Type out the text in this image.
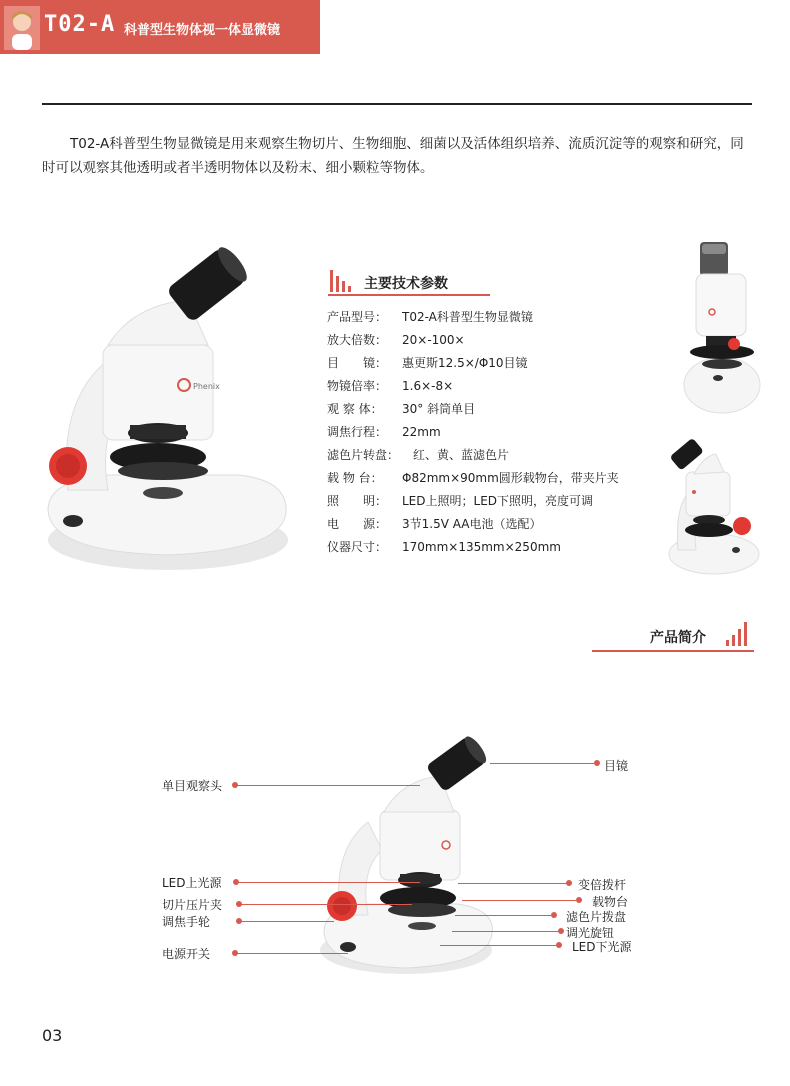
T02-A 科普型生物体视一体显微镜
T02-A科普型生物显微镜是用来观察生物切片、生物细胞、细菌以及活体组织培养、流质沉淀等的观察和研究，同时可以观察其他透明或者半透明物体以及粉末、细小颗粒等物体。
Phenix
主要技术参数
产品型号：	T02-A科普型生物显微镜
放大倍数：	20×-100×
目　　镜：	惠更斯12.5×/Φ10目镜
物镜倍率：	1.6×-8×
观 察 体：	30° 斜筒单目
调焦行程：	22mm
滤色片转盘： 红、黄、蓝滤色片
载 物 台：	Φ82mm×90mm圆形载物台，带夹片夹
照　　明：	LED上照明；LED下照明，亮度可调
电　　源：	3节1.5V AA电池（选配）
仪器尺寸：	170mm×135mm×250mm
产品简介
单目观察头
LED上光源
切片压片夹
调焦手轮
电源开关
目镜
变倍拨杆
载物台
滤色片拨盘
调光旋钮
LED下光源
03
